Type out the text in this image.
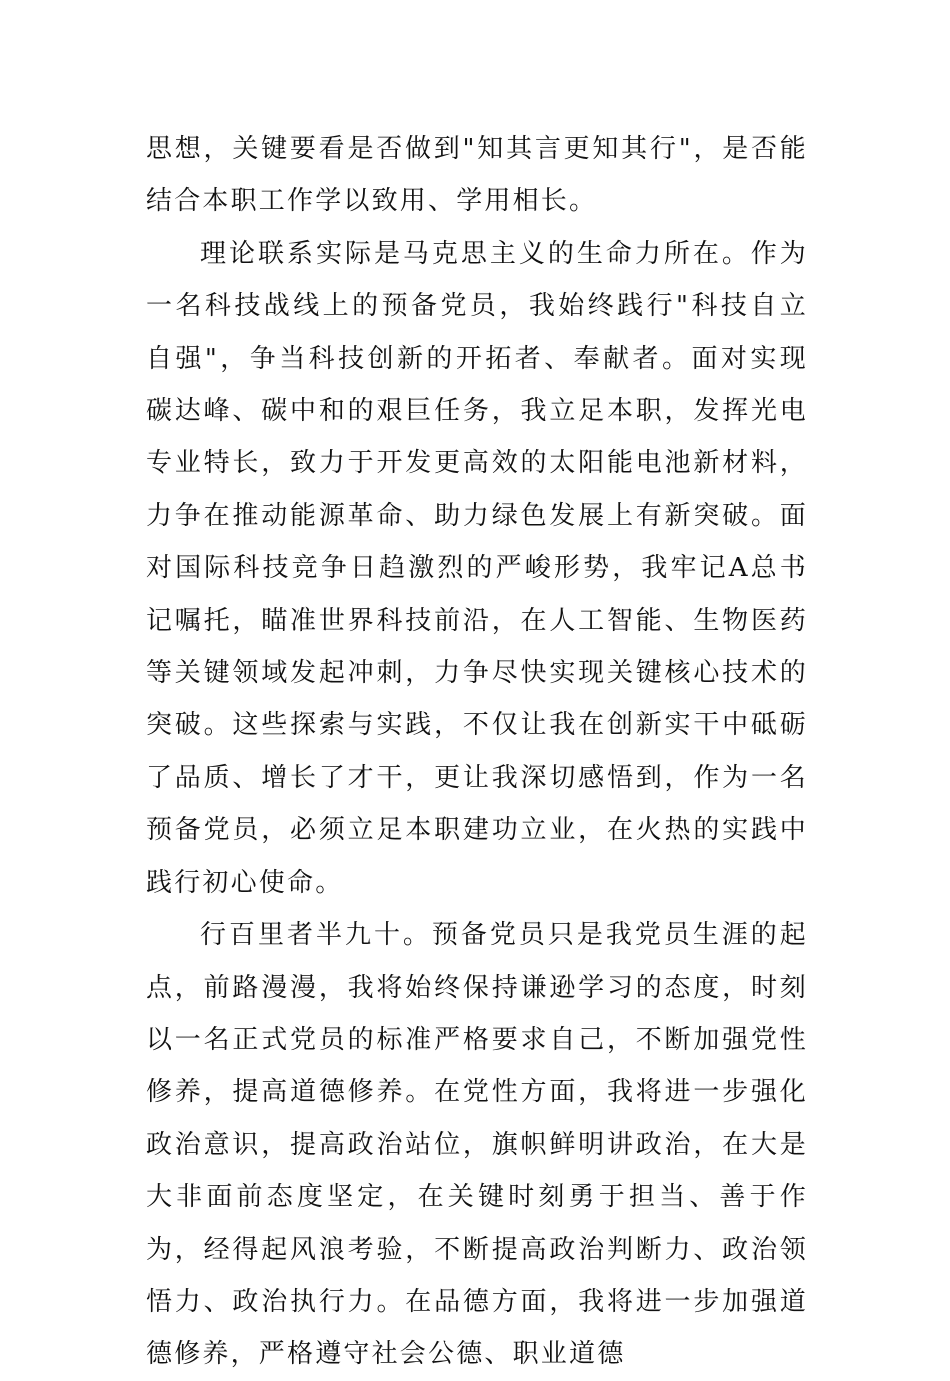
思想，关键要看是否做到"知其言更知其行"，是否能结合本职工作学以致用、学用相长。

理论联系实际是马克思主义的生命力所在。作为一名科技战线上的预备党员，我始终践行"科技自立自强"，争当科技创新的开拓者、奉献者。面对实现碳达峰、碳中和的艰巨任务，我立足本职，发挥光电专业特长，致力于开发更高效的太阳能电池新材料，力争在推动能源革命、助力绿色发展上有新突破。面对国际科技竞争日趋激烈的严峻形势，我牢记A总书记嘱托，瞄准世界科技前沿，在人工智能、生物医药等关键领域发起冲刺，力争尽快实现关键核心技术的突破。这些探索与实践，不仅让我在创新实干中砥砺了品质、增长了才干，更让我深切感悟到，作为一名预备党员，必须立足本职建功立业，在火热的实践中践行初心使命。

行百里者半九十。预备党员只是我党员生涯的起点，前路漫漫，我将始终保持谦逊学习的态度，时刻以一名正式党员的标准严格要求自己，不断加强党性修养，提高道德修养。在党性方面，我将进一步强化政治意识，提高政治站位，旗帜鲜明讲政治，在大是大非面前态度坚定，在关键时刻勇于担当、善于作为，经得起风浪考验，不断提高政治判断力、政治领悟力、政治执行力。在品德方面，我将进一步加强道德修养，严格遵守社会公德、职业道德
